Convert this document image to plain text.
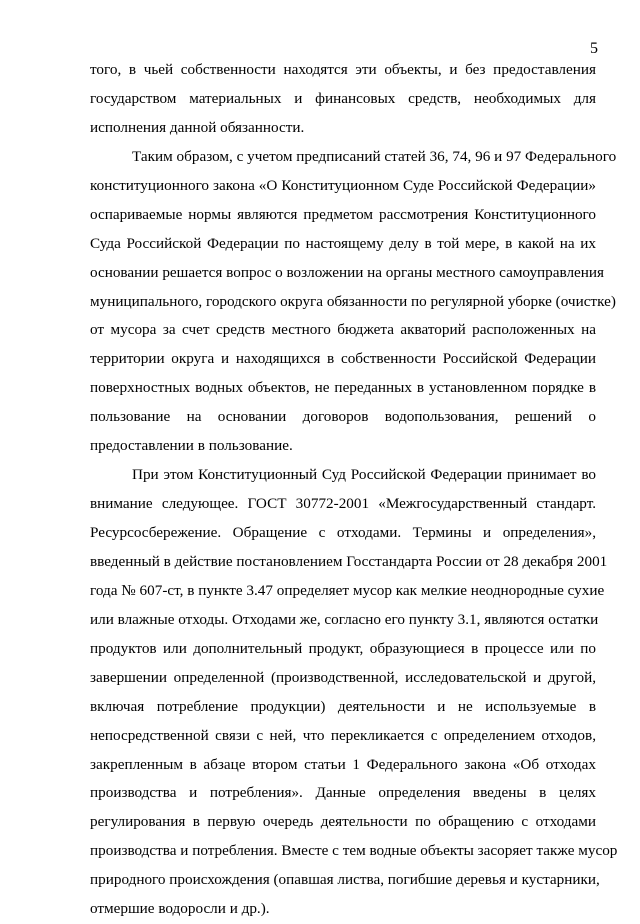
5
того, в чьей собственности находятся эти объекты, и без предоставления
государством материальных и финансовых средств, необходимых для
исполнения данной обязанности.
Таким образом, с учетом предписаний статей 36, 74, 96 и 97 Федерального
конституционного закона «О Конституционном Суде Российской Федерации»
оспариваемые нормы являются предметом рассмотрения Конституционного
Суда Российской Федерации по настоящему делу в той мере, в какой на их
основании решается вопрос о возложении на органы местного самоуправления
муниципального, городского округа обязанности по регулярной уборке (очистке)
от мусора за счет средств местного бюджета акваторий расположенных на
территории округа и находящихся в собственности Российской Федерации
поверхностных водных объектов, не переданных в установленном порядке в
пользование на основании договоров водопользования, решений о
предоставлении в пользование.
При этом Конституционный Суд Российской Федерации принимает во
внимание следующее. ГОСТ 30772-2001 «Межгосударственный стандарт.
Ресурсосбережение. Обращение с отходами. Термины и определения»,
введенный в действие постановлением Госстандарта России от 28 декабря 2001
года № 607-ст, в пункте 3.47 определяет мусор как мелкие неоднородные сухие
или влажные отходы. Отходами же, согласно его пункту 3.1, являются остатки
продуктов или дополнительный продукт, образующиеся в процессе или по
завершении определенной (производственной, исследовательской и другой,
включая потребление продукции) деятельности и не используемые в
непосредственной связи с ней, что перекликается с определением отходов,
закрепленным в абзаце втором статьи 1 Федерального закона «Об отходах
производства и потребления». Данные определения введены в целях
регулирования в первую очередь деятельности по обращению с отходами
производства и потребления. Вместе с тем водные объекты засоряет также мусор
природного происхождения (опавшая листва, погибшие деревья и кустарники,
отмершие водоросли и др.).
